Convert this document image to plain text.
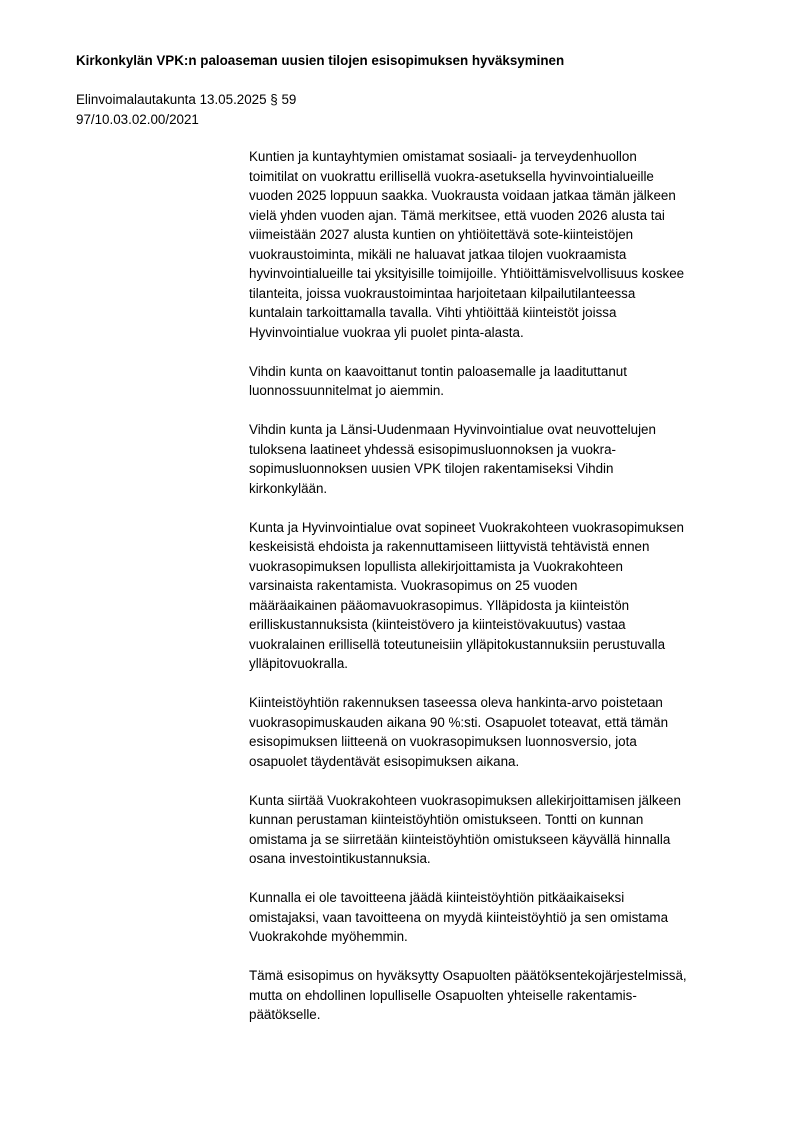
Kirkonkylän VPK:n paloaseman uusien tilojen esisopimuksen hyväksyminen
Elinvoimalautakunta 13.05.2025 § 59
97/10.03.02.00/2021
Kuntien ja kuntayhtymien omistamat sosiaali- ja terveydenhuollon
toimitilat on vuokrattu erillisellä vuokra-asetuksella hyvinvointialueille
vuoden 2025 loppuun saakka. Vuokrausta voidaan jatkaa tämän jälkeen
vielä yhden vuoden ajan. Tämä merkitsee, että vuoden 2026 alusta tai
viimeistään 2027 alusta kuntien on yhtiöitettävä sote-kiinteistöjen
vuokraustoiminta, mikäli ne haluavat jatkaa tilojen vuokraamista
hyvinvointialueille tai yksityisille toimijoille. Yhtiöittämisvelvollisuus koskee
tilanteita, joissa vuokraustoimintaa harjoitetaan kilpailutilanteessa
kuntalain tarkoittamalla tavalla. Vihti yhtiöittää kiinteistöt joissa
Hyvinvointialue vuokraa yli puolet pinta-alasta.
Vihdin kunta on kaavoittanut tontin paloasemalle ja laadituttanut
luonnossuunnitelmat jo aiemmin.
Vihdin kunta ja Länsi-Uudenmaan Hyvinvointialue ovat neuvottelujen
tuloksena laatineet yhdessä esisopimusluonnoksen ja vuokra-
sopimusluonnoksen uusien VPK tilojen rakentamiseksi Vihdin
kirkonkylään.
Kunta ja Hyvinvointialue ovat sopineet Vuokrakohteen vuokrasopimuksen
keskeisistä ehdoista ja rakennuttamiseen liittyvistä tehtävistä ennen
vuokrasopimuksen lopullista allekirjoittamista ja Vuokrakohteen
varsinaista rakentamista. Vuokrasopimus on 25 vuoden
määräaikainen pääomavuokrasopimus. Ylläpidosta ja kiinteistön
erilliskustannuksista (kiinteistövero ja kiinteistövakuutus) vastaa
vuokralainen erillisellä toteutuneisiin ylläpitokustannuksiin perustuvalla
ylläpitovuokralla.
Kiinteistöyhtiön rakennuksen taseessa oleva hankinta-arvo poistetaan
vuokrasopimuskauden aikana 90 %:sti. Osapuolet toteavat, että tämän
esisopimuksen liitteenä on vuokrasopimuksen luonnosversio, jota
osapuolet täydentävät esisopimuksen aikana.
Kunta siirtää Vuokrakohteen vuokrasopimuksen allekirjoittamisen jälkeen
kunnan perustaman kiinteistöyhtiön omistukseen. Tontti on kunnan
omistama ja se siirretään kiinteistöyhtiön omistukseen käyvällä hinnalla
osana investointikustannuksia.
Kunnalla ei ole tavoitteena jäädä kiinteistöyhtiön pitkäaikaiseksi
omistajaksi, vaan tavoitteena on myydä kiinteistöyhtiö ja sen omistama
Vuokrakohde myöhemmin.
Tämä esisopimus on hyväksytty Osapuolten päätöksentekojärjestelmissä,
mutta on ehdollinen lopulliselle Osapuolten yhteiselle rakentamis-
päätökselle.
